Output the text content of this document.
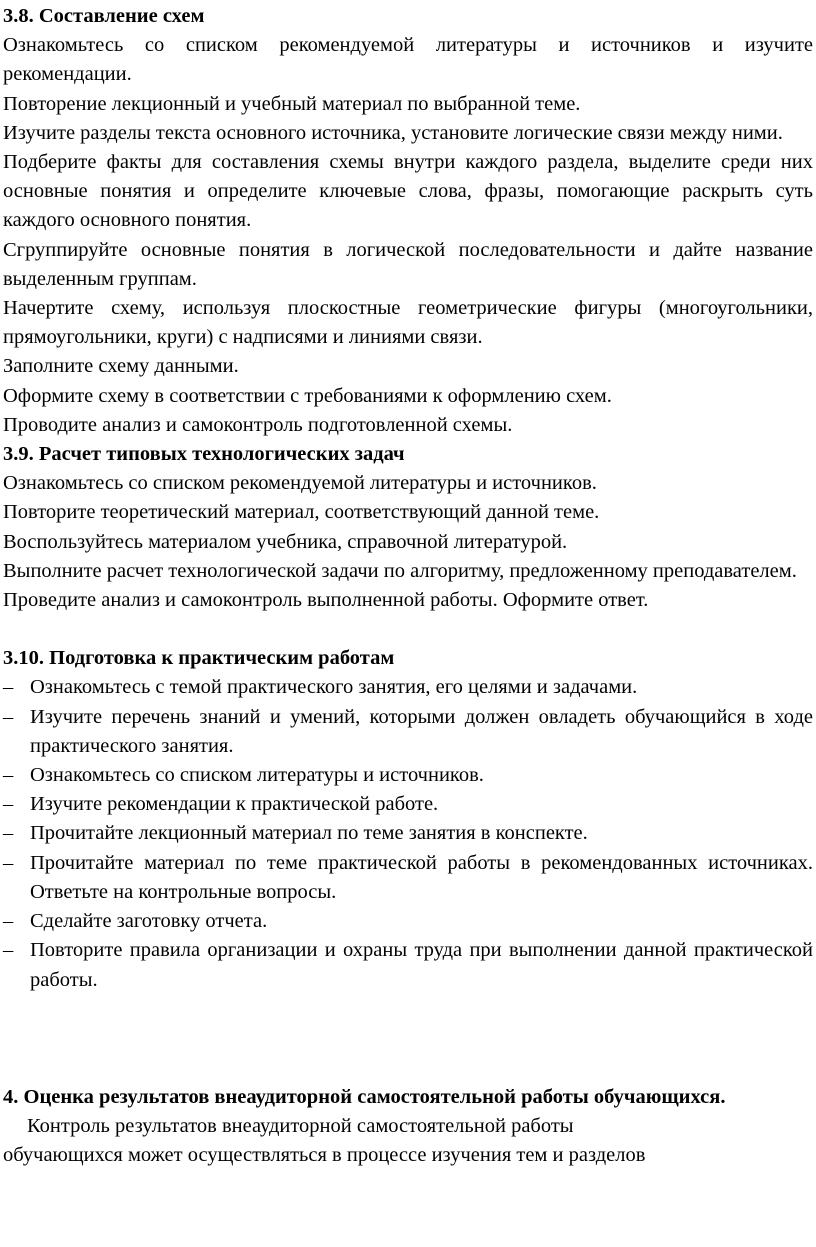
3.8. Составление схем

Ознакомьтесь со списком рекомендуемой литературы и источников и изучите рекомендации.

Повторение лекционный и учебный материал по выбранной теме.

Изучите разделы текста основного источника, установите логические связи между ними.

Подберите факты для составления схемы внутри каждого раздела, выделите среди них основные понятия и определите ключевые слова, фразы, помогающие раскрыть суть каждого основного понятия.

Сгруппируйте основные понятия в логической последовательности и дайте название выделенным группам.

Начертите схему, используя плоскостные геометрические фигуры (многоугольники, прямоугольники, круги) с надписями и линиями связи.

Заполните схему данными.

Оформите схему в соответствии с требованиями к оформлению схем.

Проводите анализ и самоконтроль подготовленной схемы.

3.9. Расчет типовых технологических задач

Ознакомьтесь со списком рекомендуемой литературы и источников.

Повторите теоретический материал, соответствующий данной теме.

Воспользуйтесь материалом учебника, справочной литературой.

Выполните расчет технологической задачи по алгоритму, предложенному преподавателем.

Проведите анализ и самоконтроль выполненной работы. Оформите ответ.

3.10. Подготовка к практическим работам

– Ознакомьтесь с темой практического занятия, его целями и задачами.

– Изучите перечень знаний и умений, которыми должен овладеть обучающийся в ходе практического занятия.

– Ознакомьтесь со списком литературы и источников.

– Изучите рекомендации к практической работе.

– Прочитайте лекционный материал по теме занятия в конспекте.

– Прочитайте материал по теме практической работы в рекомендованных источниках. Ответьте на контрольные вопросы.

– Сделайте заготовку отчета.

– Повторите правила организации и охраны труда при выполнении данной практической работы.

4. Оценка результатов внеаудиторной самостоятельной работы обучающихся.

Контроль результатов внеаудиторной самостоятельной работы

обучающихся может осуществляться в процессе изучения тем и разделов
